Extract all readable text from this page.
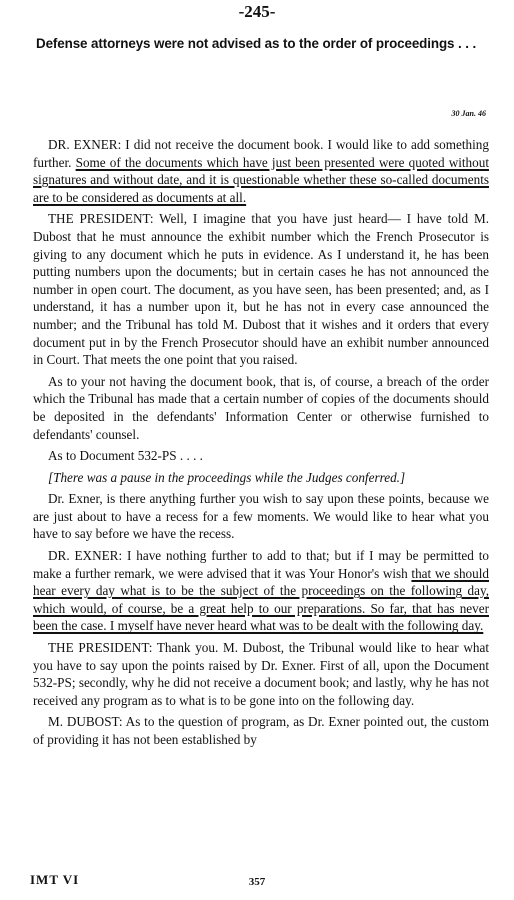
-245-
Defense attorneys were not advised as to the order of proceedings . . .
30 Jan. 46

DR. EXNER: I did not receive the document book. I would like to add something further. Some of the documents which have just been presented were quoted without signatures and without date, and it is questionable whether these so-called documents are to be considered as documents at all.

THE PRESIDENT: Well, I imagine that you have just heard— I have told M. Dubost that he must announce the exhibit number which the French Prosecutor is giving to any document which he puts in evidence. As I understand it, he has been putting numbers upon the documents; but in certain cases he has not announced the number in open court. The document, as you have seen, has been presented; and, as I understand, it has a number upon it, but he has not in every case announced the number; and the Tribunal has told M. Dubost that it wishes and it orders that every document put in by the French Prosecutor should have an exhibit number announced in Court. That meets the one point that you raised.

As to your not having the document book, that is, of course, a breach of the order which the Tribunal has made that a certain number of copies of the documents should be deposited in the defendants' Information Center or otherwise furnished to defendants' counsel.

As to Document 532-PS . . . .

[There was a pause in the proceedings while the Judges conferred.]

Dr. Exner, is there anything further you wish to say upon these points, because we are just about to have a recess for a few moments. We would like to hear what you have to say before we have the recess.

DR. EXNER: I have nothing further to add to that; but if I may be permitted to make a further remark, we were advised that it was Your Honor's wish that we should hear every day what is to be the subject of the proceedings on the following day, which would, of course, be a great help to our preparations. So far, that has never been the case. I myself have never heard what was to be dealt with the following day.

THE PRESIDENT: Thank you. M. Dubost, the Tribunal would like to hear what you have to say upon the points raised by Dr. Exner. First of all, upon the Document 532-PS; secondly, why he did not receive a document book; and lastly, why he has not received any program as to what is to be gone into on the following day.

M. DUBOST: As to the question of program, as Dr. Exner pointed out, the custom of providing it has not been established by

IMT VI	357
